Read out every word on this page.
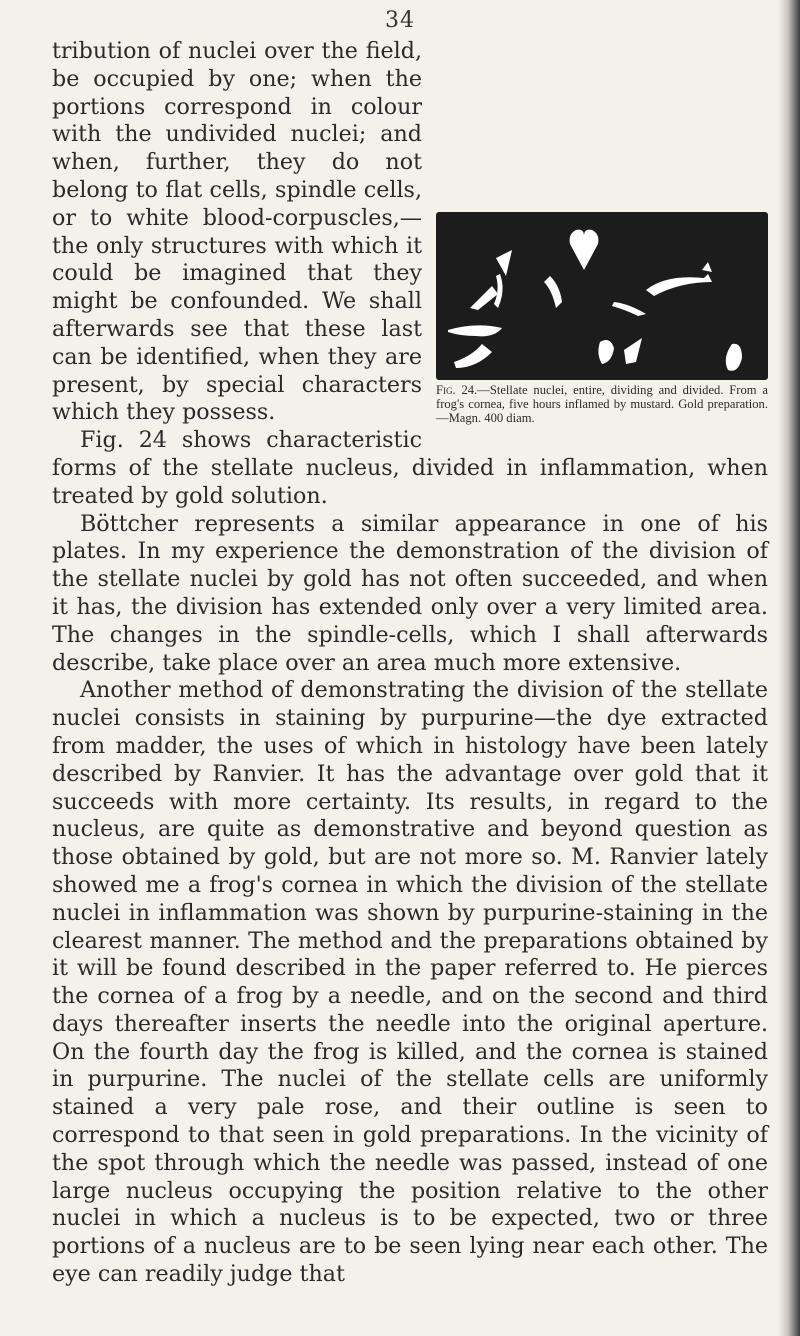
34
Fig. 24.—Stellate nuclei, entire, dividing and divided. From a frog's cornea, five hours inflamed by mustard. Gold preparation.—Magn. 400 diam.

tribution of nuclei over the field, be occupied by one; when the portions correspond in colour with the undivided nuclei; and when, further, they do not belong to flat cells, spindle cells, or to white blood-corpuscles,— the only structures with which it could be imagined that they might be confounded. We shall afterwards see that these last can be identified, when they are present, by special characters which they possess.

Fig. 24 shows characteristic forms of the stellate nucleus, divided in inflammation, when treated by gold solution.

Böttcher represents a similar appearance in one of his plates. In my experience the demonstration of the division of the stellate nuclei by gold has not often succeeded, and when it has, the division has extended only over a very limited area. The changes in the spindle-cells, which I shall afterwards describe, take place over an area much more extensive.

Another method of demonstrating the division of the stellate nuclei consists in staining by purpurine—the dye extracted from madder, the uses of which in histology have been lately described by Ranvier. It has the advantage over gold that it succeeds with more certainty. Its results, in regard to the nucleus, are quite as demonstrative and beyond question as those obtained by gold, but are not more so. M. Ranvier lately showed me a frog's cornea in which the division of the stellate nuclei in inflammation was shown by purpurine-staining in the clearest manner. The method and the preparations obtained by it will be found described in the paper referred to. He pierces the cornea of a frog by a needle, and on the second and third days thereafter inserts the needle into the original aperture. On the fourth day the frog is killed, and the cornea is stained in purpurine. The nuclei of the stellate cells are uniformly stained a very pale rose, and their outline is seen to correspond to that seen in gold preparations. In the vicinity of the spot through which the needle was passed, instead of one large nucleus occupying the position relative to the other nuclei in which a nucleus is to be expected, two or three portions of a nucleus are to be seen lying near each other. The eye can readily judge that
